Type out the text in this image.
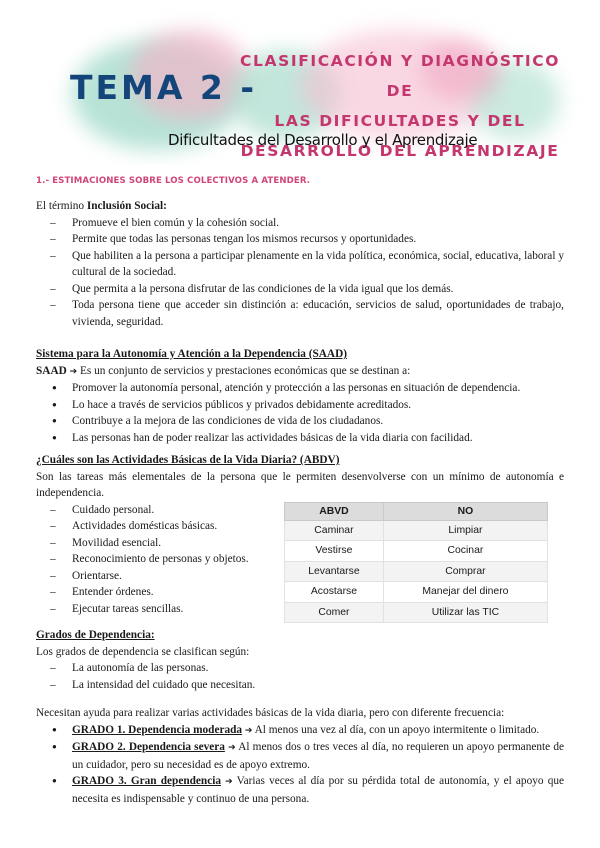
TEMA 2 -
CLASIFICACIÓN Y DIAGNÓSTICO DE
LAS DIFICULTADES Y DEL
DESARROLLO DEL APRENDIZAJE
Dificultades del Desarrollo y el Aprendizaje
1.- ESTIMACIONES SOBRE LOS COLECTIVOS A ATENDER.

El término Inclusión Social:

– Promueve el bien común y la cohesión social.
– Permite que todas las personas tengan los mismos recursos y oportunidades.
– Que habiliten a la persona a participar plenamente en la vida política, económica, social, educativa, laboral y cultural de la sociedad.
– Que permita a la persona disfrutar de las condiciones de la vida igual que los demás.
– Toda persona tiene que acceder sin distinción a: educación, servicios de salud, oportunidades de trabajo, vivienda, seguridad.

Sistema para la Autonomía y Atención a la Dependencia (SAAD)

SAAD ➔ Es un conjunto de servicios y prestaciones económicas que se destinan a:

● Promover la autonomía personal, atención y protección a las personas en situación de dependencia.
● Lo hace a través de servicios públicos y privados debidamente acreditados.
● Contribuye a la mejora de las condiciones de vida de los ciudadanos.
● Las personas han de poder realizar las actividades básicas de la vida diaria con facilidad.

¿Cuáles son las Actividades Básicas de la Vida Diaria? (ABDV)

Son las tareas más elementales de la persona que le permiten desenvolverse con un mínimo de autonomía e independencia.

ABVD	NO
Caminar	Limpiar
Vestirse	Cocinar
Levantarse	Comprar
Acostarse	Manejar del dinero
Comer	Utilizar las TIC
– Cuidado personal.
– Actividades domésticas básicas.
– Movilidad esencial.
– Reconocimiento de personas y objetos.
– Orientarse.
– Entender órdenes.
– Ejecutar tareas sencillas.

Grados de Dependencia:

Los grados de dependencia se clasifican según:

– La autonomía de las personas.
– La intensidad del cuidado que necesitan.

Necesitan ayuda para realizar varias actividades básicas de la vida diaria, pero con diferente frecuencia:

● GRADO 1. Dependencia moderada ➔ Al menos una vez al día, con un apoyo intermitente o limitado.
● GRADO 2. Dependencia severa ➔ Al menos dos o tres veces al día, no requieren un apoyo permanente de un cuidador, pero su necesidad es de apoyo extremo.
● GRADO 3. Gran dependencia ➔ Varias veces al día por su pérdida total de autonomía, y el apoyo que necesita es indispensable y continuo de una persona.
